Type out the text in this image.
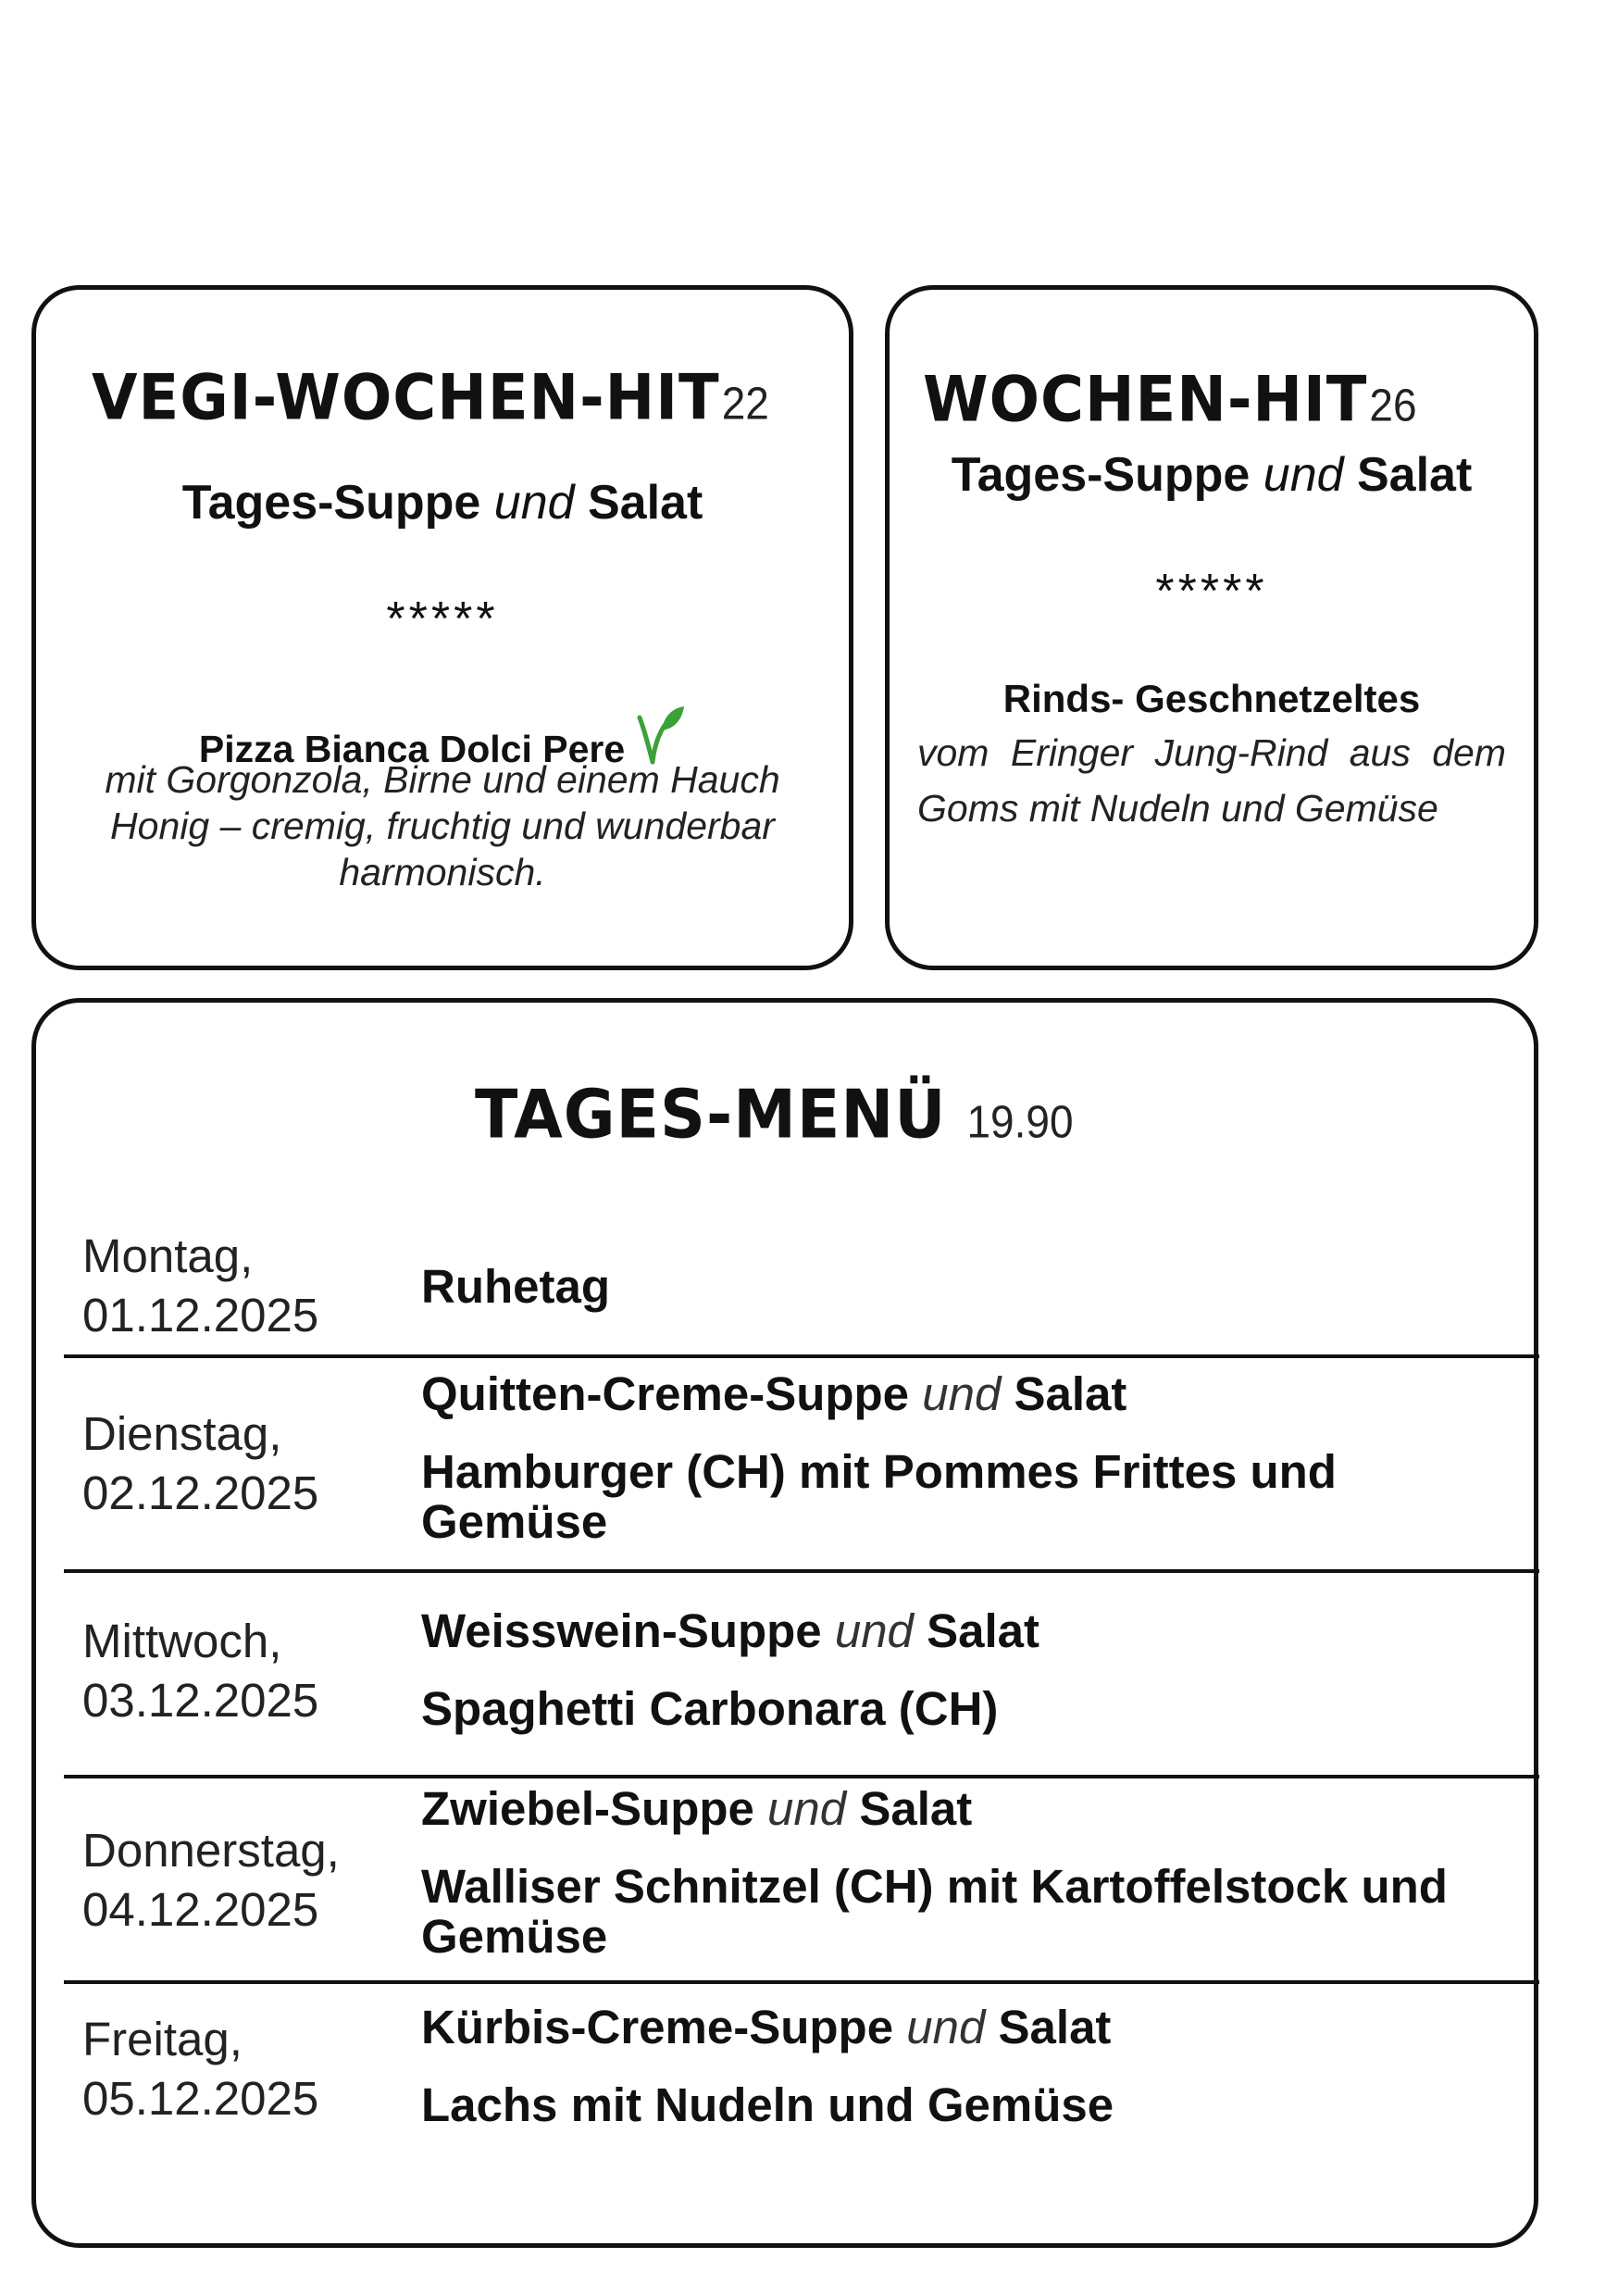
VEGI-WOCHEN-HIT22
Tages-Suppe und Salat
*****
Pizza Bianca Dolci Pere
mit Gorgonzola, Birne und einem Hauch Honig – cremig, fruchtig und wunderbar harmonisch.
WOCHEN-HIT26
Tages-Suppe und Salat
*****
Rinds- Geschnetzeltes
vom Eringer Jung-Rind aus dem Goms mit Nudeln und Gemüse
TAGES-MENÜ 19.90
Montag,
01.12.2025
Ruhetag
Dienstag,
02.12.2025
Quitten-Creme-Suppe und Salat
Hamburger (CH) mit Pommes Frittes und Gemüse
Mittwoch,
03.12.2025
Weisswein-Suppe und Salat
Spaghetti Carbonara (CH)
Donnerstag,
04.12.2025
Zwiebel-Suppe und Salat
Walliser Schnitzel (CH) mit Kartoffelstock und Gemüse
Freitag,
05.12.2025
Kürbis-Creme-Suppe und Salat
Lachs mit Nudeln und Gemüse
